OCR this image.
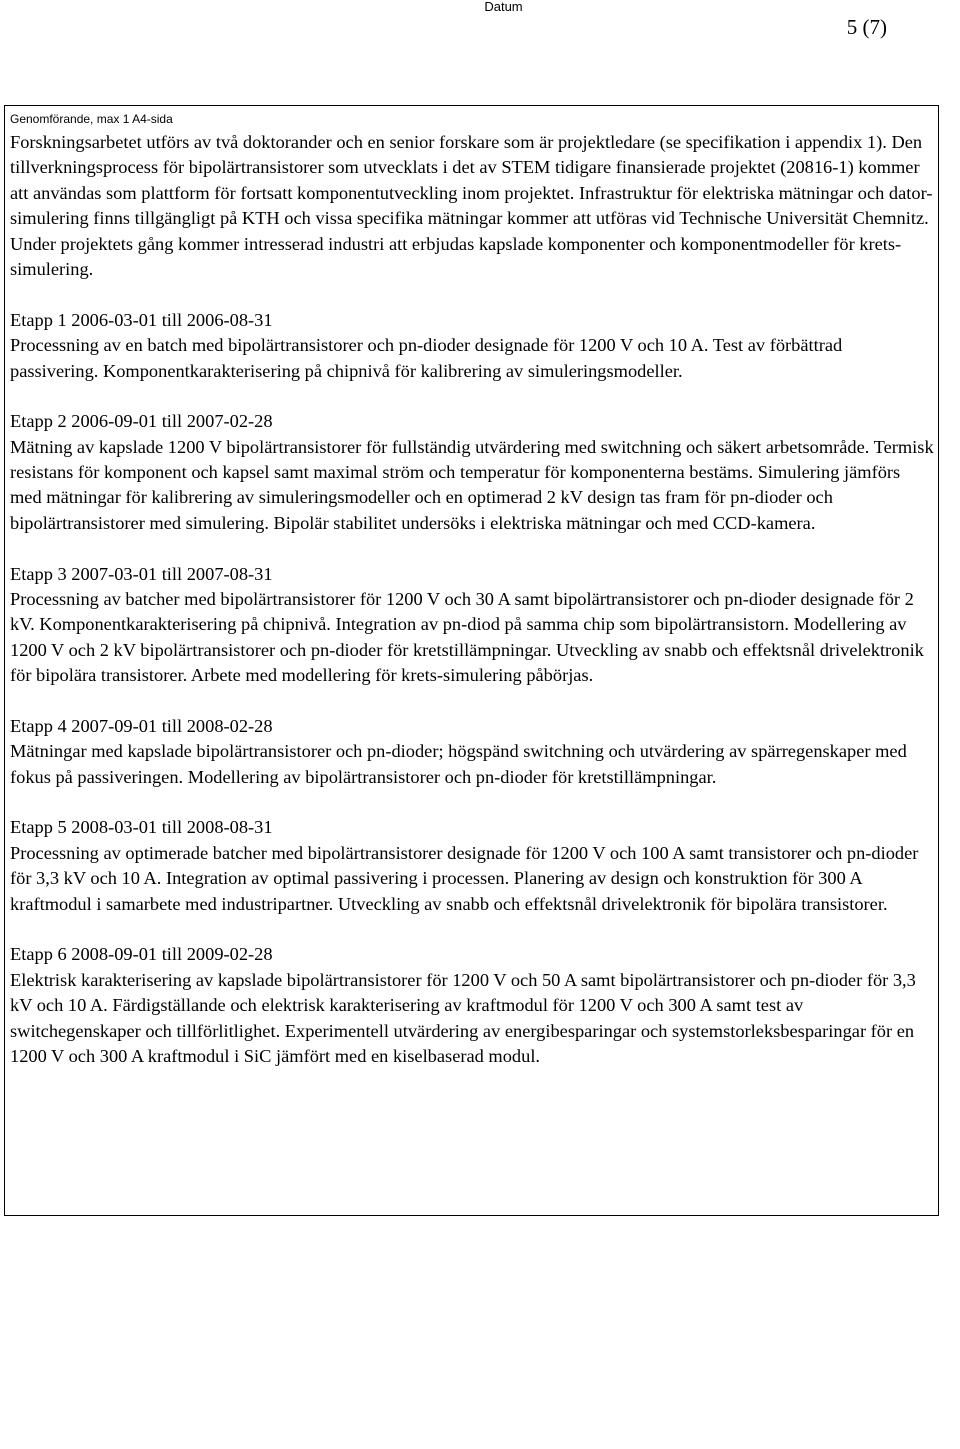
Datum
5 (7)
Genomförande, max 1 A4-sida

Forskningsarbetet utförs av två doktorander och en senior forskare som är projektledare (se specifikation i appendix 1). Den tillverkningsprocess för bipolärtransistorer som utvecklats i det av STEM tidigare finansierade projektet (20816-1) kommer att användas som plattform för fortsatt komponentutveckling inom projektet. Infrastruktur för elektriska mätningar och dator-simulering finns tillgängligt på KTH och vissa specifika mätningar kommer att utföras vid Technische Universität Chemnitz. Under projektets gång kommer intresserad industri att erbjudas kapslade komponenter och komponentmodeller för krets-simulering.

Etapp 1 2006-03-01 till 2006-08-31

Processning av en batch med bipolärtransistorer och pn-dioder designade för 1200 V och 10 A. Test av förbättrad passivering. Komponentkarakterisering på chipnivå för kalibrering av simuleringsmodeller.

Etapp 2 2006-09-01 till 2007-02-28

Mätning av kapslade 1200 V bipolärtransistorer för fullständig utvärdering med switchning och säkert arbetsområde. Termisk resistans för komponent och kapsel samt maximal ström och temperatur för komponenterna bestäms. Simulering jämförs med mätningar för kalibrering av simuleringsmodeller och en optimerad 2 kV design tas fram för pn-dioder och bipolärtransistorer med simulering. Bipolär stabilitet undersöks i elektriska mätningar och med CCD-kamera.

Etapp 3 2007-03-01 till 2007-08-31

Processning av batcher med bipolärtransistorer för 1200 V och 30 A samt bipolärtransistorer och pn-dioder designade för 2 kV. Komponentkarakterisering på chipnivå. Integration av pn-diod på samma chip som bipolärtransistorn. Modellering av 1200 V och 2 kV bipolärtransistorer och pn-dioder för kretstillämpningar. Utveckling av snabb och effektsnål drivelektronik för bipolära transistorer. Arbete med modellering för krets-simulering påbörjas.

Etapp 4 2007-09-01 till 2008-02-28

Mätningar med kapslade bipolärtransistorer och pn-dioder; högspänd switchning och utvärdering av spärregenskaper med fokus på passiveringen. Modellering av bipolärtransistorer och pn-dioder för kretstillämpningar.

Etapp 5 2008-03-01 till 2008-08-31

Processning av optimerade batcher med bipolärtransistorer designade för 1200 V och 100 A samt transistorer och pn-dioder för 3,3 kV och 10 A. Integration av optimal passivering i processen. Planering av design och konstruktion för 300 A kraftmodul i samarbete med industripartner. Utveckling av snabb och effektsnål drivelektronik för bipolära transistorer.

Etapp 6 2008-09-01 till 2009-02-28

Elektrisk karakterisering av kapslade bipolärtransistorer för 1200 V och 50 A samt bipolärtransistorer och pn-dioder för 3,3 kV och 10 A. Färdigställande och elektrisk karakterisering av kraftmodul för 1200 V och 300 A samt test av switchegenskaper och tillförlitlighet. Experimentell utvärdering av energibesparingar och systemstorleksbesparingar för en 1200 V och 300 A kraftmodul i SiC jämfört med en kiselbaserad modul.
